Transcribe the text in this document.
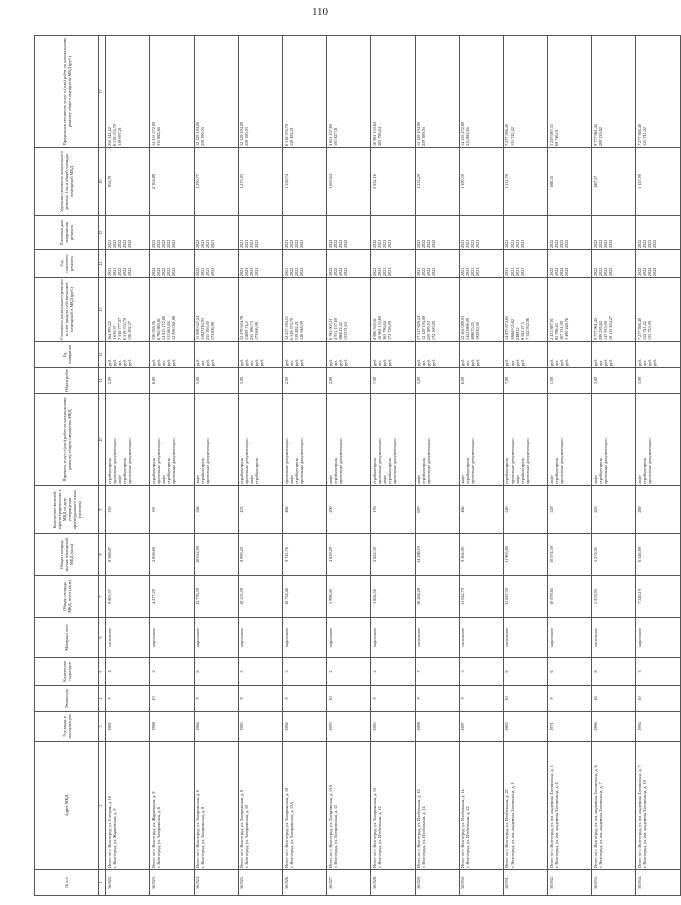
110
№ п/п	Адрес МКД	Год ввода в эксплуатацию	Этажность	Количество подъездов	Материал стен	Общая площадь МКД, всего (кв.м)	Общая площадь жилых помещений МКД (кв.м)	Количество жителей, зарегистрированных в МКД на дату утверждения краткосрочного плана (человек)	Перечень услуг и (или) работ по капитальному ремонту общего имущества МКД	Объем работ	Ед. измерения	Стоимость капитального ремонта за счет средств собственников помещений в МКД (руб.)	Год планового ремонта	Плановая дата завершения ремонта	Удельная стоимость капитального ремонта 1 кв.м общей площади помещений МКД	Предельная стоимость услуг и (или) работ по капитальному ремонту общего имущества МКД (руб.)
1	2	3	4	5	6	7	8	9	10	11	12	13	14	15	16	17
56/922.	Итого по г. Волгоград, ул. Елецкая, д. 16 г. Волгоград, ул. Жарковская, д. 9	1981	9	4	панельное	9 805,57	8 588,87	335	стройконтроль проектные документации лифт стройконтроль проектные документации	2,00	руб. руб. шт. руб. руб.	164 993,22 3 639,37 7 348 777,07 6 518 574,70 136 202,37	2021 2021 2022 2022 2022	2021 2021 2022 2022 2022	854,79	255 341,42 6 518 574,70 319 697,21

56/923.	Итого по г. Волгоград, ул. Жарковская, д. 9 г. Волгоград, ул. Запорожская, д. 6	1988	10	2	кирпичное	4 277,20	2 858,60	69	стройконтроль проектные документации лифт стройконтроль проектные документации	6,00	руб. руб. шт. руб. руб.	136 038,36 6 782 885,81 14 815 172,80 311 663,84 12 956 041,88	2022 2022 2022 2022 2022	2022 2022 2022 2022 2022	2 364,88	14 555 272,80 311 882,84

56/924.	Итого по г. Волгоград, ул. Запорожская, д. 6 г. Волгоград, ул. Запорожская, д. 8	1984	9	6	кирпичное	12 776,59	10 614,90	546	лифт стройконтроль проектные документации	5,00	руб. шт. руб. руб.	15 908 647,24 11847216,93 255 395,03 173566,98	2022 2021 2021 2021	2022 2021 2021 2021	1 290,77	12 129 194,00 259 390,03

56/925.	Итого по г. Волгоград, ул. Запорожская, д. 8 г. Волгоград, ул. Запорожская, д. 10	1983	9	5	кирпичное	10 555,59	8 990,20	472	стройконтроль проектные документации лифт стройконтроль	5,00	руб. руб. шт. руб. руб.	12 279 604,78 11609 74,2 255 386,73 173566,98	2021 2021 2021 2021	2021 2021 2021 2021	1 275,93	12 129 194,00 259 390,03

56/926.	Итого по г. Волгоград, ул. Запорожская, д. 10 г. Волгоград, ул. Запорожская, д. 13А	1982	9	5	кирпичное	10 718,46	9 741,76	466	проектные документации лифт стройконтроль проектные документации	2,00	руб. шт. руб. руб.	12 257 594,11 6 518 574,70 139 492,21 126 048,09	2021 2022 2022 2022	2021 2022 2022 2022	1 558,74	6 518 574,70 139 492,21

56/927.	Итого по г. Волгоград, ул. Запорожская, д. 13А г. Волгоград, ул. Запорожская, д. 15	1993	10	2	кирпичное	5 998,40	4 839,29	200	лифт стройконтроль проектные документации	2,00	руб. шт. руб. руб.	6 783 005,11 4 931 157,60 186612,42 133571,63	2022 2022 2022 2022	2022 2022 2022 2022	1 605,64	4 831 157,60 105 827,01

56/928.	Итого по г. Волгоград, ул. Запорожская, д. 15 г. Волгоград, ул. Изобильная, д. 12	1983	9	2	кирпичное	3 856,50	2 822,30	176	стройконтроль проектные документации лифт стройконтроль проектные документации	7,00	руб. шт. руб. руб.	4 986 350,01 16 981 153,60 363 796,64 172 726,00	2022 2021 2021 2021	2022 2021 2021 2021	2 052,16	16 981 153,60 363 796,64

56/929.	Итого по г. Волгоград, ул. Изобильная, д. 12 г. Волгоград, ул. Изобильная, д. 14	1988	9	7	панельное	16 264,28	14 288,19	697	лифт стройконтроль проектные документации	5,00	руб. шт. руб. руб.	17 517 829,24 12 129 194,00 259 389,03 174 500,00	2021 2022 2022 2022	2021 2022 2022 2022	1 232,29	12 129 194,00 259 389,03

56/930.	Итого по г. Волгоград, ул. Изобильная, д. 14 г. Волгоград, ул. Изобильная, д. 22	1987	9	5	панельное	11 042,79	9 364,90	466	лифт стройконтроль проектные документации	6,00	руб. шт. руб. руб.	12 563 089,03 14255806,09 408675,25 192930,00	2021 2021 2021 2021	2021 2021 2021 2021	1 390,59	14 555 272,80 311 882,84

56/931.	Итого по г. Волгоград, ул. Изобильная, д. 22 г. Волгоград, ул. им. академика Богомольца, д. 1	1985	10	6	панельное	13 847,30	11 865,80	540	стройконтроль проектные документации лифт стройконтроль проектные документации	7,00	руб. шт. руб. руб.	14 875 874,85 10660 05,62 248812 8 582 27,5 7 342 952,06	2021 2021 2021 2021	2021 2021 2021 2021	1 211,78	7 277 926,40 155 741,42

56/932.	Итого по г. Волгоград, ул. им. академика Богомольца, д. 1 г. Волгоград, ул. им. академика Богомольца, д. 6	1971	9	6	кирпичное	10 879,85	10 074,59	529	лифт стройконтроль проектные документации	1,00	руб. шт. руб. руб.	2 435 887,01 85 796,45 167 331,00 3 490 248,76	2022 2022 2022 2022	2022 2022 2022 2022	688,15	3 259 087,35 69 746,01

56/933.	Итого по г. Волгоград, ул. им. академика Богомольца, д. 6 г. Волгоград, ул. им. академика Богомольца, д. 7	1986	16	8	панельное	5 274,95	5 274,95	225	лифт стройконтроль проектные документации	3,00	руб. шт. руб. руб.	9 777 961,45 209 239,82 147 033,00 10 133 854,27	2022 2022 2022 2022	2022 2022 2022 2022	667,37	9 777 961,45 209 239,82

56/934.	Итого по г. Волгоград, ул. им. академика Богомольца, д. 7 г. Волгоград, ул. им. академика Богомольца, д. 10	1994	10	3	кирпичное	7 246,19	6 346,89	289	лифт стройконтроль проектные документации	3,00	руб. шт. руб. руб.	7 277 926,40 155 741,42 135 725,00	2022 2022 2022 2022	2022 2022 2022 2022	1 147,99	7 277 926,40 155 741,42
